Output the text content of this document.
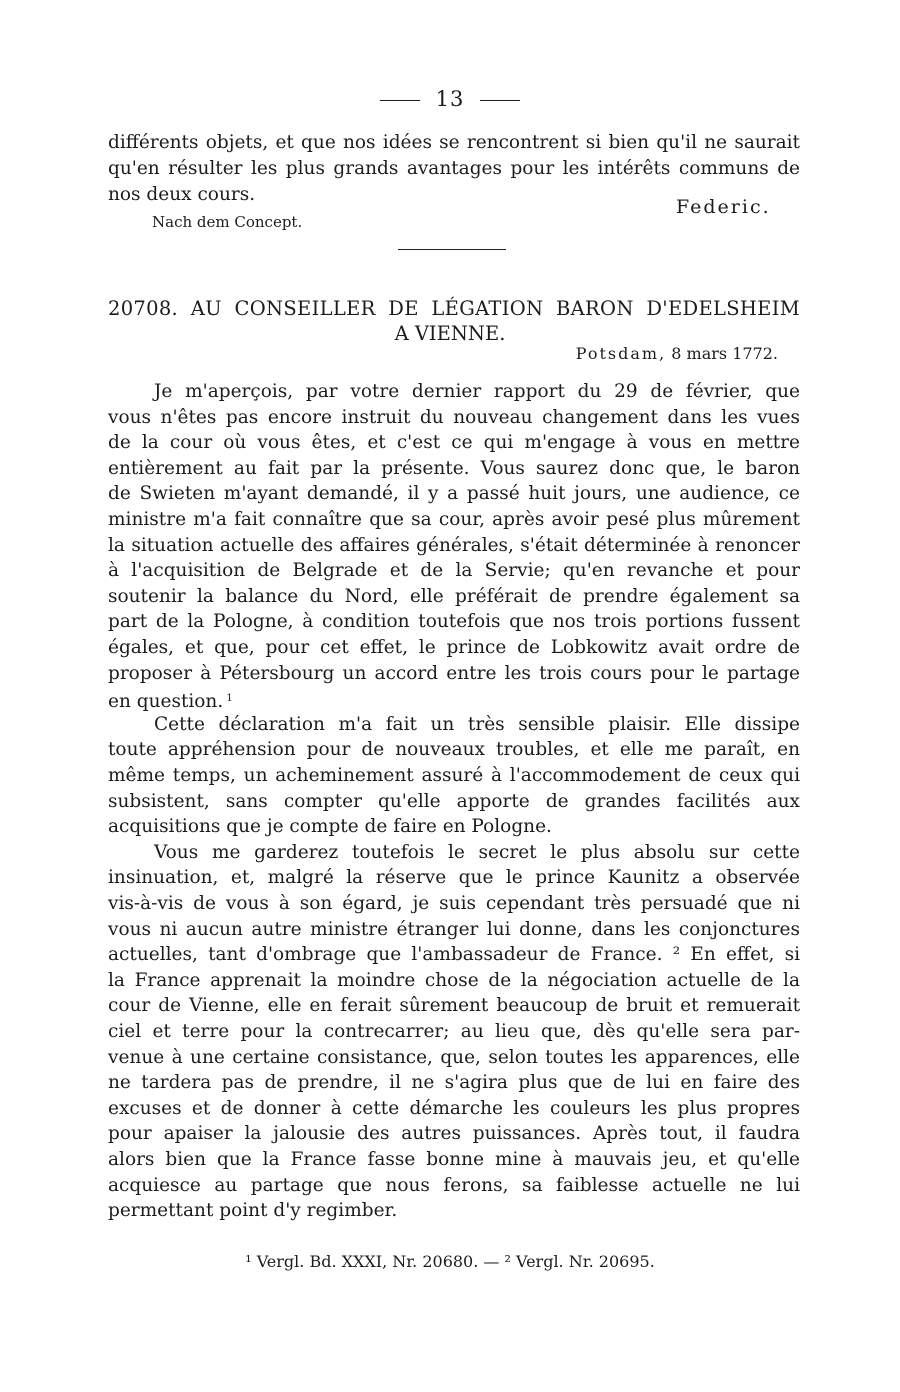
13
différents objets, et que nos idées se rencontrent si bien qu'il ne saurait
qu'en résulter les plus grands avantages pour les intérêts communs de
nos deux cours.
Federic.
Nach dem Concept.
20708. AU CONSEILLER DE LÉGATION BARON D'EDELSHEIM
A VIENNE.
Potsdam, 8 mars 1772.
Je m'aperçois, par votre dernier rapport du 29 de février, que
vous n'êtes pas encore instruit du nouveau changement dans les vues
de la cour où vous êtes, et c'est ce qui m'engage à vous en mettre
entièrement au fait par la présente. Vous saurez donc que, le baron
de Swieten m'ayant demandé, il y a passé huit jours, une audience, ce
ministre m'a fait connaître que sa cour, après avoir pesé plus mûrement
la situation actuelle des affaires générales, s'était déterminée à renoncer
à l'acquisition de Belgrade et de la Servie; qu'en revanche et pour
soutenir la balance du Nord, elle préférait de prendre également sa
part de la Pologne, à condition toutefois que nos trois portions fussent
égales, et que, pour cet effet, le prince de Lobkowitz avait ordre de
proposer à Pétersbourg un accord entre les trois cours pour le partage
en question. $^1$
Cette déclaration m'a fait un très sensible plaisir. Elle dissipe
toute appréhension pour de nouveaux troubles, et elle me paraît, en
même temps, un acheminement assuré à l'accommodement de ceux qui
subsistent, sans compter qu'elle apporte de grandes facilités aux
acquisitions que je compte de faire en Pologne.
Vous me garderez toutefois le secret le plus absolu sur cette
insinuation, et, malgré la réserve que le prince Kaunitz a observée
vis-à-vis de vous à son égard, je suis cependant très persuadé que ni
vous ni aucun autre ministre étranger lui donne, dans les conjonctures
actuelles, tant d'ombrage que l'ambassadeur de France. ² En effet, si
la France apprenait la moindre chose de la négociation actuelle de la
cour de Vienne, elle en ferait sûrement beaucoup de bruit et remuerait
ciel et terre pour la contrecarrer; au lieu que, dès qu'elle sera par-
venue à une certaine consistance, que, selon toutes les apparences, elle
ne tardera pas de prendre, il ne s'agira plus que de lui en faire des
excuses et de donner à cette démarche les couleurs les plus propres
pour apaiser la jalousie des autres puissances. Après tout, il faudra
alors bien que la France fasse bonne mine à mauvais jeu, et qu'elle
acquiesce au partage que nous ferons, sa faiblesse actuelle ne lui
permettant point d'y regimber.
¹ Vergl. Bd. XXXI, Nr. 20680. — ² Vergl. Nr. 20695.
